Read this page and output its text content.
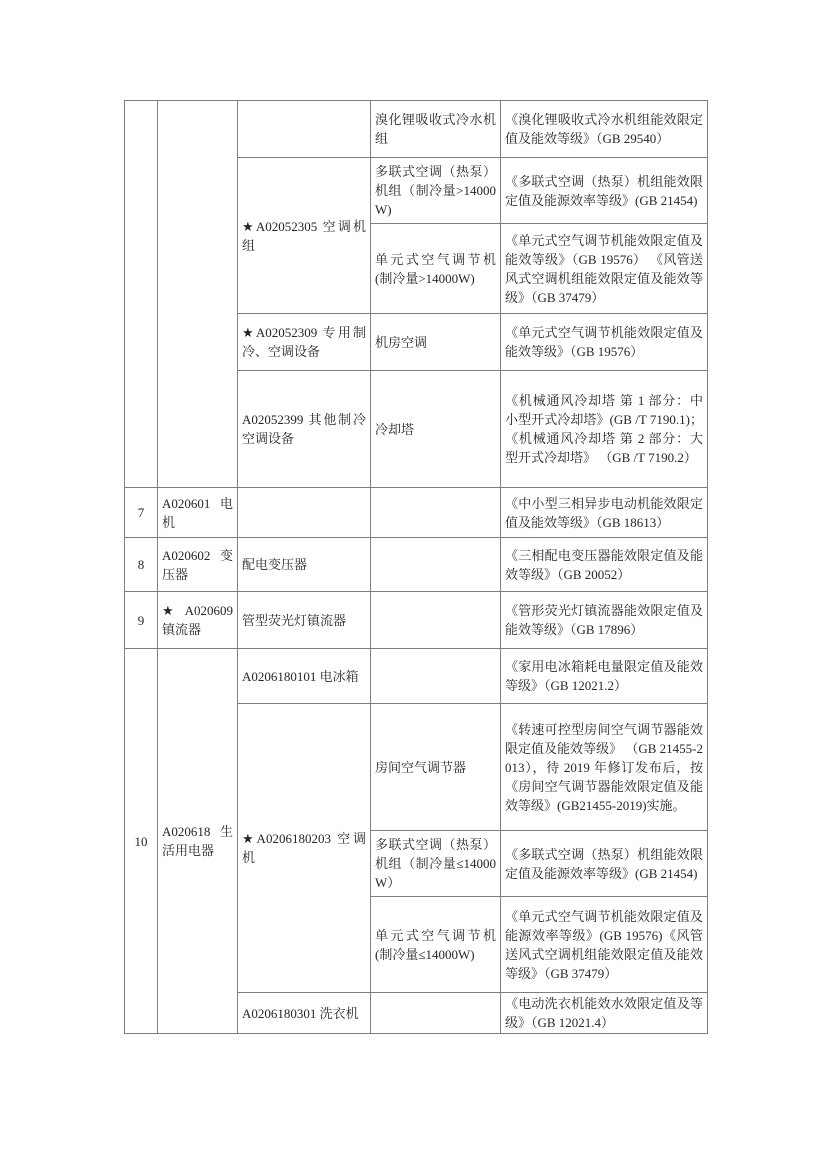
			溴化锂吸收式冷水机组	《溴化锂吸收式冷水机组能效限定值及能效等级》（GB 29540）
		★A02052305 空调机组	多联式空调（热泵）机组（制冷量>14000W)	《多联式空调（热泵）机组能效限定值及能源效率等级》(GB 21454)
			单元式空气调节机(制冷量>14000W)	《单元式空气调节机能效限定值及能效等级》（GB 19576） 《风管送风式空调机组能效限定值及能效等级》（GB 37479）
		★A02052309 专用制冷、空调设备	机房空调	《单元式空气调节机能效限定值及能效等级》（GB 19576）
		A02052399 其他制冷空调设备	冷却塔	《机械通风冷却塔 第 1 部分：中小型开式冷却塔》(GB /T 7190.1)；《机械通风冷却塔 第 2 部分：大型开式冷却塔》 （GB /T 7190.2）
7	A020601 电机			《中小型三相异步电动机能效限定值及能效等级》（GB 18613）
8	A020602 变压器	配电变压器		《三相配电变压器能效限定值及能效等级》（GB 20052）
9	★A020609 镇流器	管型荧光灯镇流器		《管形荧光灯镇流器能效限定值及能效等级》（GB 17896）
10	A020618 生活用电器	A0206180101 电冰箱		《家用电冰箱耗电量限定值及能效等级》（GB 12021.2）
		★A0206180203 空调机	房间空气调节器	《转速可控型房间空气调节器能效限定值及能效等级》 （GB 21455-2013），待 2019 年修订发布后，按《房间空气调节器能效限定值及能效等级》(GB21455-2019)实施。
			多联式空调（热泵）机组（制冷量≤14000W）	《多联式空调（热泵）机组能效限定值及能源效率等级》(GB 21454)
			单元式空气调节机(制冷量≤14000W)	《单元式空气调节机能效限定值及能源效率等级》(GB 19576)《风管送风式空调机组能效限定值及能效等级》（GB 37479）
		A0206180301 洗衣机		《电动洗衣机能效水效限定值及等级》（GB 12021.4）
